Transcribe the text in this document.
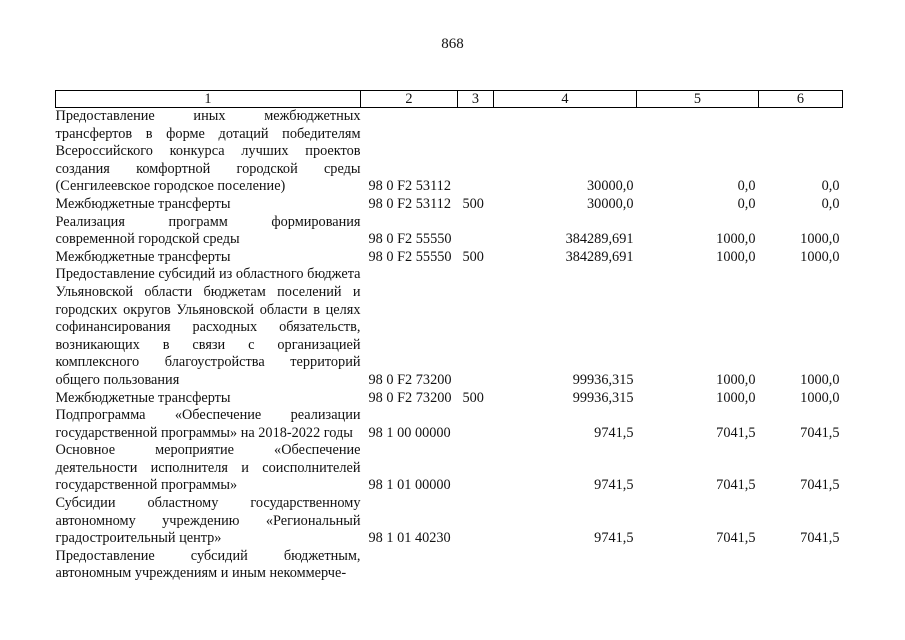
868
1	2	3	4	5	6
Предоставление иных межбюджетных трансфертов в форме дотаций победителям Всероссийского конкурса лучших проектов создания комфортной городской среды (Сенгилеевское городское поселение)	98 0 F2 53112		30000,0	0,0	0,0
Межбюджетные трансферты	98 0 F2 53112	500	30000,0	0,0	0,0
Реализация программ формирования современной городской среды	98 0 F2 55550		384289,691	1000,0	1000,0
Межбюджетные трансферты	98 0 F2 55550	500	384289,691	1000,0	1000,0
Предоставление субсидий из областного бюджета Ульяновской области бюджетам поселений и городских округов Ульяновской области в целях софинансирования расходных обязательств, возникающих в связи с организацией комплексного благоустройства территорий общего пользования	98 0 F2 73200		99936,315	1000,0	1000,0
Межбюджетные трансферты	98 0 F2 73200	500	99936,315	1000,0	1000,0
Подпрограмма «Обеспечение реализации государственной программы» на 2018-2022 годы	98 1 00 00000		9741,5	7041,5	7041,5
Основное мероприятие «Обеспечение деятельности исполнителя и соисполнителей государственной программы»	98 1 01 00000		9741,5	7041,5	7041,5
Субсидии областному государственному автономному учреждению «Региональный градостроительный центр»	98 1 01 40230		9741,5	7041,5	7041,5
Предоставление субсидий бюджетным, автономным учреждениям и иным некоммерче-					
